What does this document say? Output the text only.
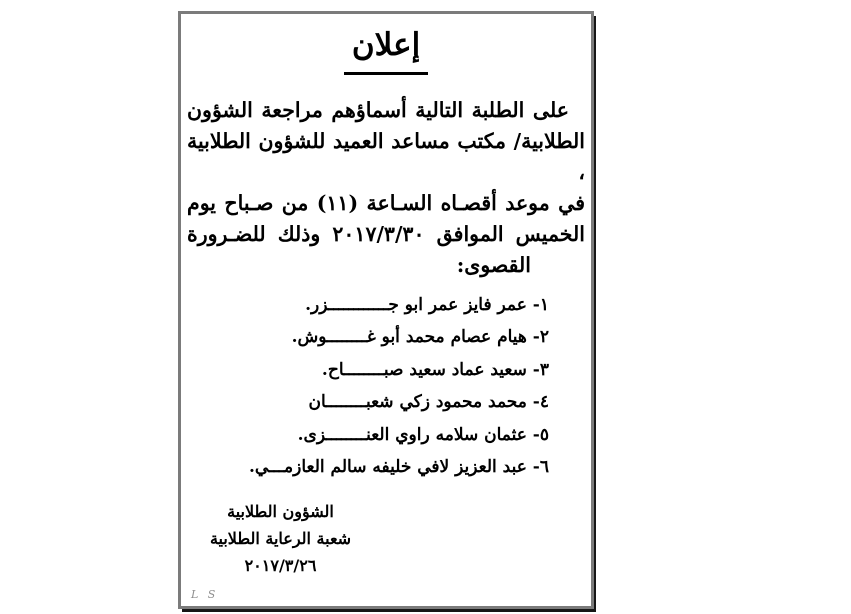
إعلان
على الطلبة التالية أسماؤهم مراجعة الشؤون
الطلابية/ مكتب مساعد العميد للشؤون الطلابية ،
في موعد أقصـاه السـاعة (١١) من صـباح يوم
الخميس الموافق ٢٠١٧/٣/٣٠ وذلك للضـرورة
القصوى:
١- عمر فايز عمر ابو جــــــــــــزر.
٢- هيام عصام محمد أبو غــــــــوش.
٣- سعيد عماد سعيد صبــــــــاح.
٤- محمد محمود زكي شعبــــــــان
٥- عثمان سلامه راوي العنــــــــزى.
٦- عبد العزيز لافي خليفه سالم العازمـــي.
الشؤون الطلابية
شعبة الرعاية الطلابية
٢٠١٧/٣/٢٦
L S
